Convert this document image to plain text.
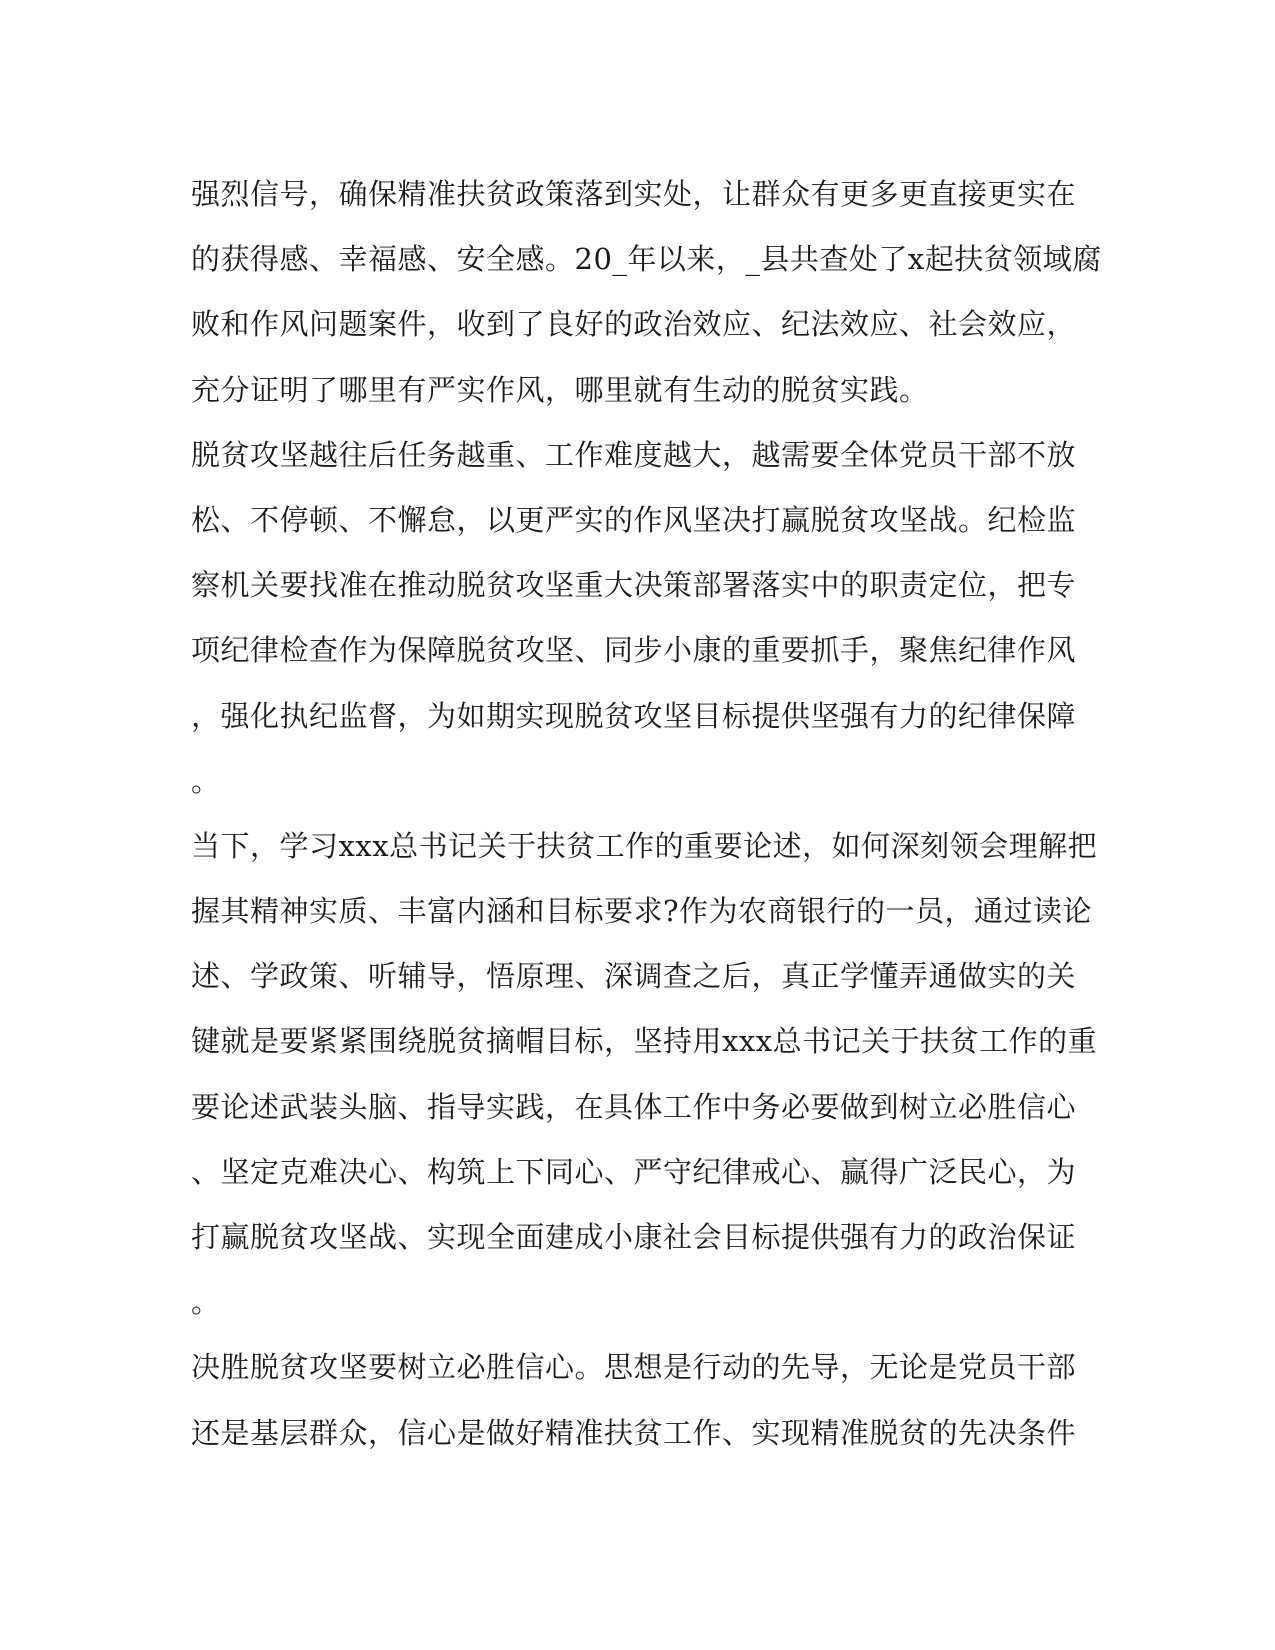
强烈信号，确保精准扶贫政策落到实处，让群众有更多更直接更实在
的获得感、幸福感、安全感。20_年以来，_县共查处了x起扶贫领域腐
败和作风问题案件，收到了良好的政治效应、纪法效应、社会效应，
充分证明了哪里有严实作风，哪里就有生动的脱贫实践。
脱贫攻坚越往后任务越重、工作难度越大，越需要全体党员干部不放
松、不停顿、不懈怠，以更严实的作风坚决打赢脱贫攻坚战。纪检监
察机关要找准在推动脱贫攻坚重大决策部署落实中的职责定位，把专
项纪律检查作为保障脱贫攻坚、同步小康的重要抓手，聚焦纪律作风
，强化执纪监督，为如期实现脱贫攻坚目标提供坚强有力的纪律保障
。
当下，学习xxx总书记关于扶贫工作的重要论述，如何深刻领会理解把
握其精神实质、丰富内涵和目标要求?作为农商银行的一员，通过读论
述、学政策、听辅导，悟原理、深调查之后，真正学懂弄通做实的关
键就是要紧紧围绕脱贫摘帽目标，坚持用xxx总书记关于扶贫工作的重
要论述武装头脑、指导实践，在具体工作中务必要做到树立必胜信心
、坚定克难决心、构筑上下同心、严守纪律戒心、赢得广泛民心，为
打赢脱贫攻坚战、实现全面建成小康社会目标提供强有力的政治保证
。
决胜脱贫攻坚要树立必胜信心。思想是行动的先导，无论是党员干部
还是基层群众，信心是做好精准扶贫工作、实现精准脱贫的先决条件
